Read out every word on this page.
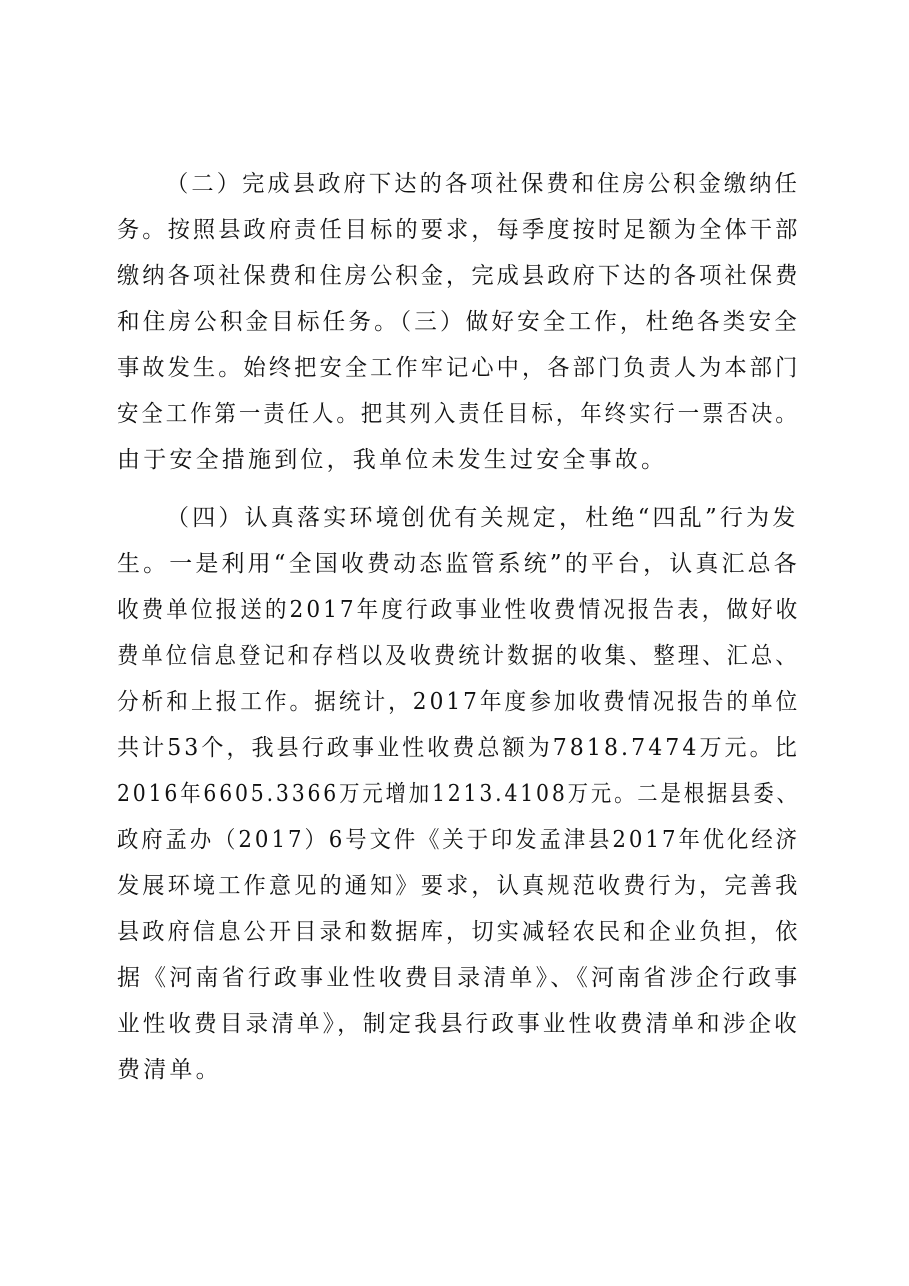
（二）完成县政府下达的各项社保费和住房公积金缴纳任
务。按照县政府责任目标的要求，每季度按时足额为全体干部
缴纳各项社保费和住房公积金，完成县政府下达的各项社保费
和住房公积金目标任务。（三）做好安全工作，杜绝各类安全
事故发生。始终把安全工作牢记心中，各部门负责人为本部门
安全工作第一责任人。把其列入责任目标，年终实行一票否决。
由于安全措施到位，我单位未发生过安全事故。
（四）认真落实环境创优有关规定，杜绝“四乱”行为发
生。一是利用“全国收费动态监管系统”的平台，认真汇总各
收费单位报送的2017年度行政事业性收费情况报告表，做好收
费单位信息登记和存档以及收费统计数据的收集、整理、汇总、
分析和上报工作。据统计，2017年度参加收费情况报告的单位
共计53个，我县行政事业性收费总额为7818.7474万元。比
2016年6605.3366万元增加1213.4108万元。二是根据县委、
政府孟办（2017）6号文件《关于印发孟津县2017年优化经济
发展环境工作意见的通知》要求，认真规范收费行为，完善我
县政府信息公开目录和数据库，切实减轻农民和企业负担，依
据《河南省行政事业性收费目录清单》、《河南省涉企行政事
业性收费目录清单》，制定我县行政事业性收费清单和涉企收
费清单。
